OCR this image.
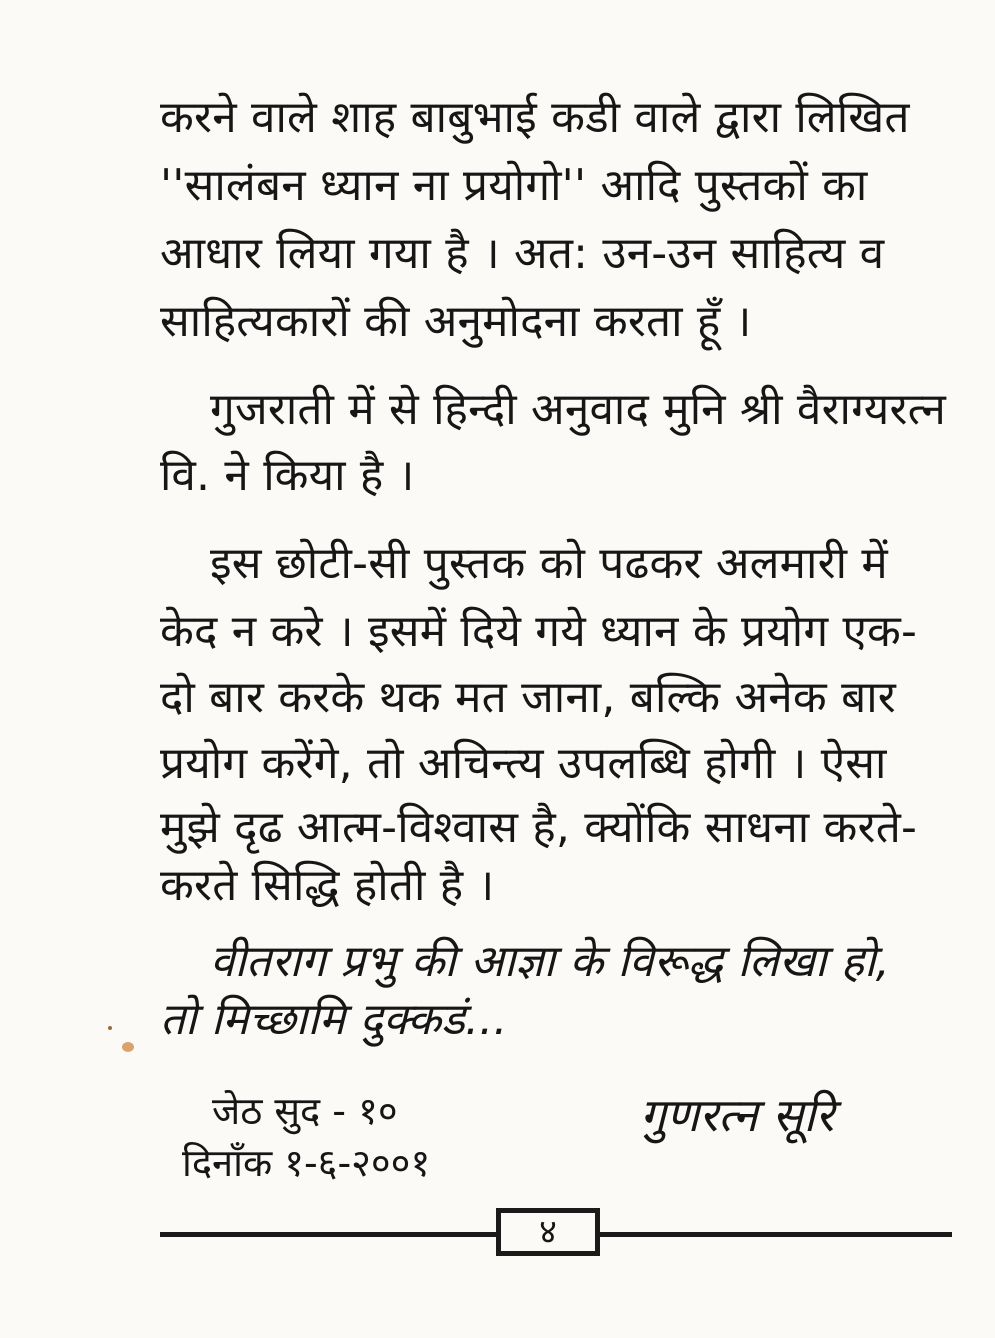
करने वाले शाह बाबुभाई कडी वाले द्वारा लिखित
''सालंबन ध्यान ना प्रयोगो'' आदि पुस्तकों का
आधार लिया गया है । अत: उन-उन साहित्य व
साहित्यकारों की अनुमोदना करता हूँ ।
गुजराती में से हिन्दी अनुवाद मुनि श्री वैराग्यरत्न
वि. ने किया है ।
इस छोटी-सी पुस्तक को पढकर अलमारी में
केद न करे । इसमें दिये गये ध्यान के प्रयोग एक-
दो बार करके थक मत जाना, बल्कि अनेक बार
प्रयोग करेंगे, तो अचिन्त्य उपलब्धि होगी । ऐसा
मुझे दृढ आत्म-विश्वास है, क्योंकि साधना करते-
करते सिद्धि होती है ।
वीतराग प्रभु की आज्ञा के विरूद्ध लिखा हो,
तो मिच्छामि दुक्कडं...
जेठ सुद - १०
दिनाँक १-६-२००१
गुणरत्न सूरि
४
